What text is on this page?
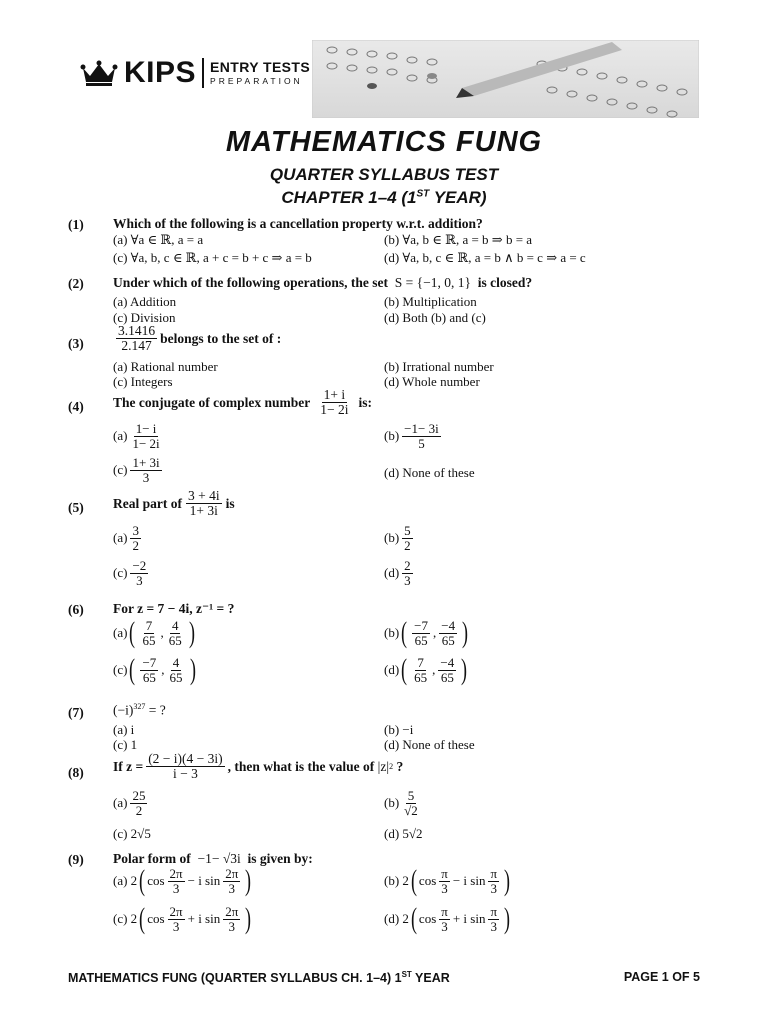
KIPS ENTRY TESTS
PREPARATION
MATHEMATICS FUNG
QUARTER SYLLABUS TEST
CHAPTER 1–4 (1ST YEAR)
(1) Which of the following is a cancellation property w.r.t. addition?
(a) ∀a ∈ ℝ, a = a	(b) ∀a, b ∈ ℝ, a = b ⇒ b = a
(c) ∀a, b, c ∈ ℝ, a + c = b + c ⇒ a = b	(d) ∀a, b, c ∈ ℝ, a = b ∧ b = c ⇒ a = c
(2) Under which of the following operations, the set S = {−1, 0, 1} is closed?
(a) Addition	(b) Multiplication
(c) Division	(d) Both (b) and (c)
$(3) \frac{3.1416}{2.147}$ belongs to the set of :
(a) Rational number	(b) Irrational number
(c) Integers	(d) Whole number
(4) The conjugate of complex number $\frac{1+ i}{1- 2i}$ is:
$(a) \frac{1- i}{1- 2i}$	$(b) \frac{-1- 3i}{5}$
$(c) \frac{1+ 3i}{3}$	(d) None of these
(5) Real part of $\frac{3 + 4i}{1+ 3i}$ is
$(a) \frac{3}{2}$	$(b) \frac{5}{2}$
$(c) \frac{-2}{3}$	$(d) \frac{2}{3}$
(6) For z = 7 − 4i, z⁻¹ = ?
(a) ( $\frac{7}{65}$ , $\frac{4}{65}$ )	(b) ( $\frac{-7}{65}$ , $\frac{-4}{65}$ )
(c) ( $\frac{-7}{65}$ , $\frac{4}{65}$ )	(d) ( $\frac{7}{65}$ , $\frac{-4}{65}$ )
(7) $(-i)^{327}$ = ?
(a) i	(b) −i
(c) 1	(d) None of these
(8) If $z = \frac{(2 - i)(4 - 3i)}{i - 3}$ , then what is the value of
|z| 2
?
$(a) \frac{25}{2}$	$(b) \frac{5}{√2}$
(c) 2√5	(d) 5√2
(9) Polar form of −1− √3i is given by:
(a) 2 ( $\cos \frac{2\pi}{3} - i$ $\sin \frac{2\pi}{3}$ )	(b) 2 ( $\cos \frac{\pi}{3} - i$ $\sin \frac{\pi}{3}$ )
(c) 2 ( $\cos \frac{2\pi}{3} + i$ $\sin \frac{2\pi}{3}$ )	(d) 2 ( $\cos \frac{\pi}{3} + i$ $\sin \frac{\pi}{3}$ )
MATHEMATICS FUNG (QUARTER SYLLABUS CH. 1–4) 1ST YEAR	PAGE 1 OF 5
